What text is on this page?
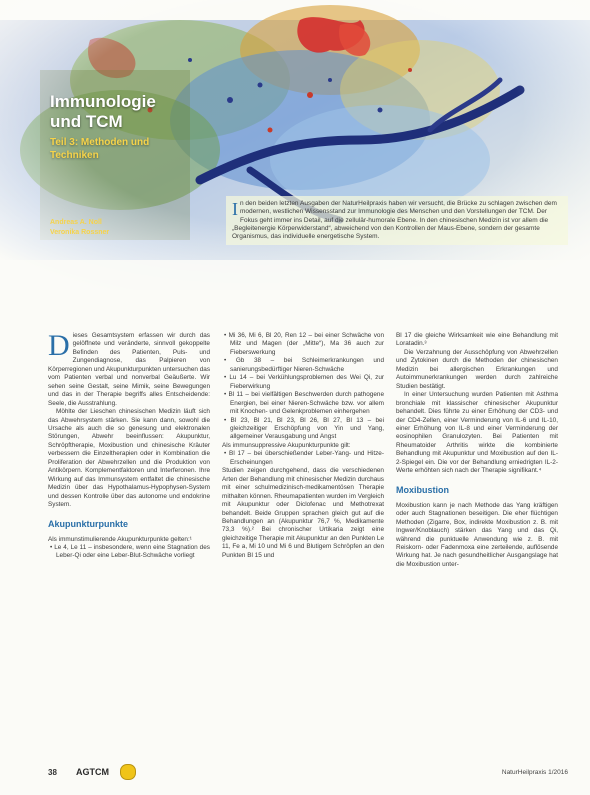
Immunologie

und TCM

Teil 3: Methoden und Techniken
Andreas A. Noll
Veronika Rossner
In den beiden letzten Ausgaben der NaturHeilpraxis haben wir versucht, die Brücke zu schlagen zwischen dem modernen, westlichen Wissensstand zur Immunologie des Menschen und den Vorstellungen der TCM. Der Fokus geht immer ins Detail, auf die zellulär-humorale Ebene. In den chinesischen Medizin ist vor allem die „Begleitenergie Körperwiderstand“, abweichend von den Kontrollen der Maus-Ebene, sondern der gesamte Organismus, das individuelle energetische System.

Dieses Gesamtsystem erfassen wir durch das gelöffnete und veränderte, sinnvoll gekoppelte Befinden des Patienten, Puls- und Zungendiagnose, das Palpieren von Körperregionen und Akupunkturpunkten untersuchen das vom Patienten verbal und nonverbal Geäußerte. Wir sehen seine Gestalt, seine Mimik, seine Bewegungen und das in der Therapie begriffs alles Entscheidende: Seele, die Ausstrahlung.

Möhlte der Lieschen chinesischen Medizin läuft sich das Abwehrsystem stärken. Sie kann dann, sowohl die Ursache als auch die so genesung und elektronalen Störungen, Abwehr beeinflussen: Akupunktur, Schröpftherapie, Moxibustion und chinesische Kräuter verbessern die Einzeltherapien oder in Kombination die Proliferation der Abwehrzellen und die Produktion von Antikörpern. Komplementfaktoren und Interferonen. Ihre Wirkung auf das Immunsystem entfaltet die chinesische Medizin über das Hypothalamus-Hypophysen-System und dessen Kontrolle über das autonome und endokrine System.

Akupunkturpunkte

Als immunstimulierende Akupunkturpunkte gelten:¹

• Le 4, Le 11 – insbesondere, wenn eine Stagnation des Leber-Qi oder eine Leber-Blut-Schwäche vorliegt

• Mi 36, Mi 6, Bl 20, Ren 12 – bei einer Schwäche von Milz und Magen (der „Mitte“), Ma 36 auch zur Fieberswerkung

• Gb 38 – bei Schleimerkrankungen und sanierungsbedürftiger Nieren-Schwäche

• Lu 14 – bei Verkühlungsproblemen des Wei Qi, zur Fieberwirkung

• Bl 11 – bei vielfältigen Beschwerden durch pathogene Energien, bei einer Nieren-Schwäche bzw. vor allem mit Knochen- und Gelenkproblemen einhergehen

• Bl 23, Bl 21, Bl 23, Bl 26, Bl 27, Bl 13 – bei gleichzeitiger Erschöpfung von Yin und Yang, allgemeiner Verausgabung und Angst

Als immunsuppressive Akupunkturpunkte gilt:

• Bl 17 – bei überschießender Leber-Yang- und Hitze-Erscheinungen

Studien zeigen durchgehend, dass die verschiedenen Arten der Behandlung mit chinesischer Medizin durchaus mit einer schulmedizinisch-medikamentösen Therapie mithalten können. Rheumapatienten wurden im Vergleich mit Akupunktur oder Diclofenac und Methotrexat behandelt. Beide Gruppen sprachen gleich gut auf die Behandlungen an (Akupunktur 76,7 %, Medikamente 73,3 %).² Bei chronischer Urtikaria zeigt eine gleichzeitige Therapie mit Akupunktur an den Punkten Le 11, Fe a, Mi 10 und Mi 6 und Blutigem Schröpfen an den Punkten Bl 15 und

Bl 17 die gleiche Wirksamkeit wie eine Behandlung mit Loratadin.³

Die Verzahnung der Ausschöpfung von Abwehrzellen und Zytokinen durch die Methoden der chinesischen Medizin bei allergischen Erkrankungen und Autoimmunerkrankungen werden durch zahlreiche Studien bestätigt.

In einer Untersuchung wurden Patienten mit Asthma bronchiale mit klassischer chinesischer Akupunktur behandelt. Dies führte zu einer Erhöhung der CD3- und der CD4-Zellen, einer Verminderung von IL-6 und IL-10, einer Erhöhung von IL-8 und einer Verminderung der eosinophilen Granulozyten. Bei Patienten mit Rheumatoider Arthritis wirkte die kombinierte Behandlung mit Akupunktur und Moxibustion auf den IL-2-Spiegel ein. Die vor der Behandlung erniedrigten IL-2-Werte erhöhten sich nach der Therapie signifikant.⁴

Moxibustion

Moxibustion kann je nach Methode das Yang kräftigen oder auch Stagnationen beseitigen. Die eher flüchtigen Methoden (Zigarre, Box, indirekte Moxibustion z. B. mit Ingwer/Knoblauch) stärken das Yang und das Qi, während die punktuelle Anwendung wie z. B. mit Reiskorn- oder Fadenmoxa eine zerteilende, auflösende Wirkung hat. Je nach gesundheitlicher Ausgangslage hat die Moxibustion unter-

38 AGTCM	NaturHeilpraxis 1/2016
